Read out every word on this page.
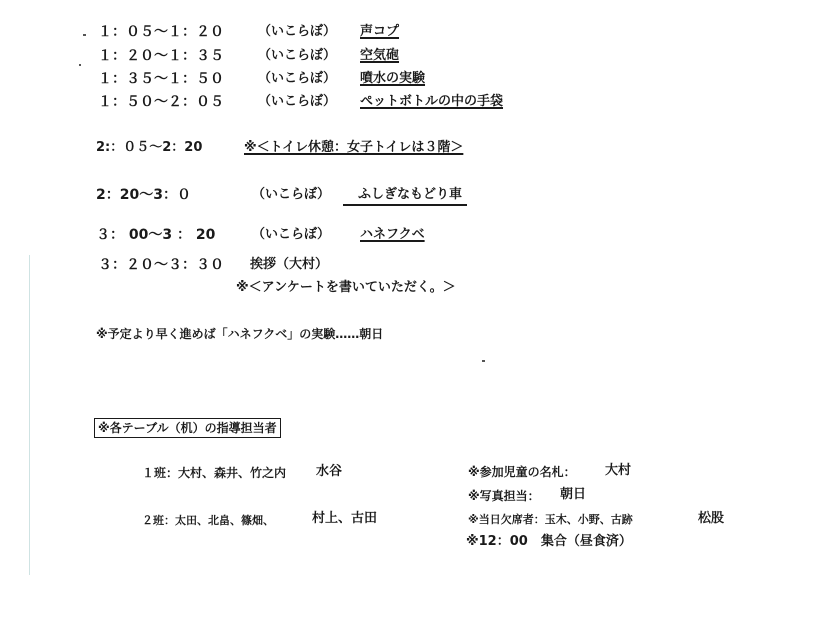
１：０５～１：２０	（いこらぼ） 声コプ
１：２０～１：３５	（いこらぼ） 空気砲
１：３５～１：５０	（いこらぼ） 噴水の実験
１：５０～２：０５	（いこらぼ） ペットボトルの中の手袋
2:：０５～2：20	※＜トイレ休憩：女子トイレは３階＞
2：20～3：０	（いこらぼ） ふしぎなもどり車
３： 00～3 ： 20	（いこらぼ） ハネフクベ
３：２０～３：３０ 挨拶（大村）
※＜アンケートを書いていただく。＞
※予定より早く進めば「ハネフクベ」の実験……朝日
※各テーブル（机）の指導担当者
１班：大村、森井、竹之内 水谷
２班：太田、北畠、篠畑、	村上、古田
※参加児童の名札： 大村
※写真担当： 朝日
※当日欠席者：玉木、小野、古跡	松股
※12：00　集合（昼食済）
